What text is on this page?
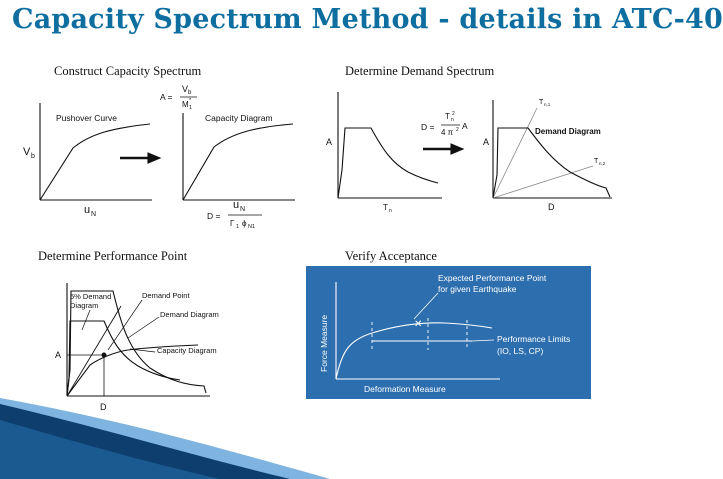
Capacity Spectrum Method - details in ATC-40
Construct Capacity Spectrum	Determine Demand Spectrum
Determine Performance Point	Verify Acceptance
Pushover Curve
V b
u N
Capacity Diagram
A =
V b
M 1
*
D =
u N
Γ 1 ϕ N1
A
T n
D =
T n
2
4 π 2 A
Demand Diagram
A
D
T n,1
T n,2
5% Demand
Diagram
Demand Point
Demand Diagram
Capacity Diagram
A
D
✕
Expected Performance Point
for given Earthquake
Performance Limits
(IO, LS, CP)
Deformation Measure
Force Measure
